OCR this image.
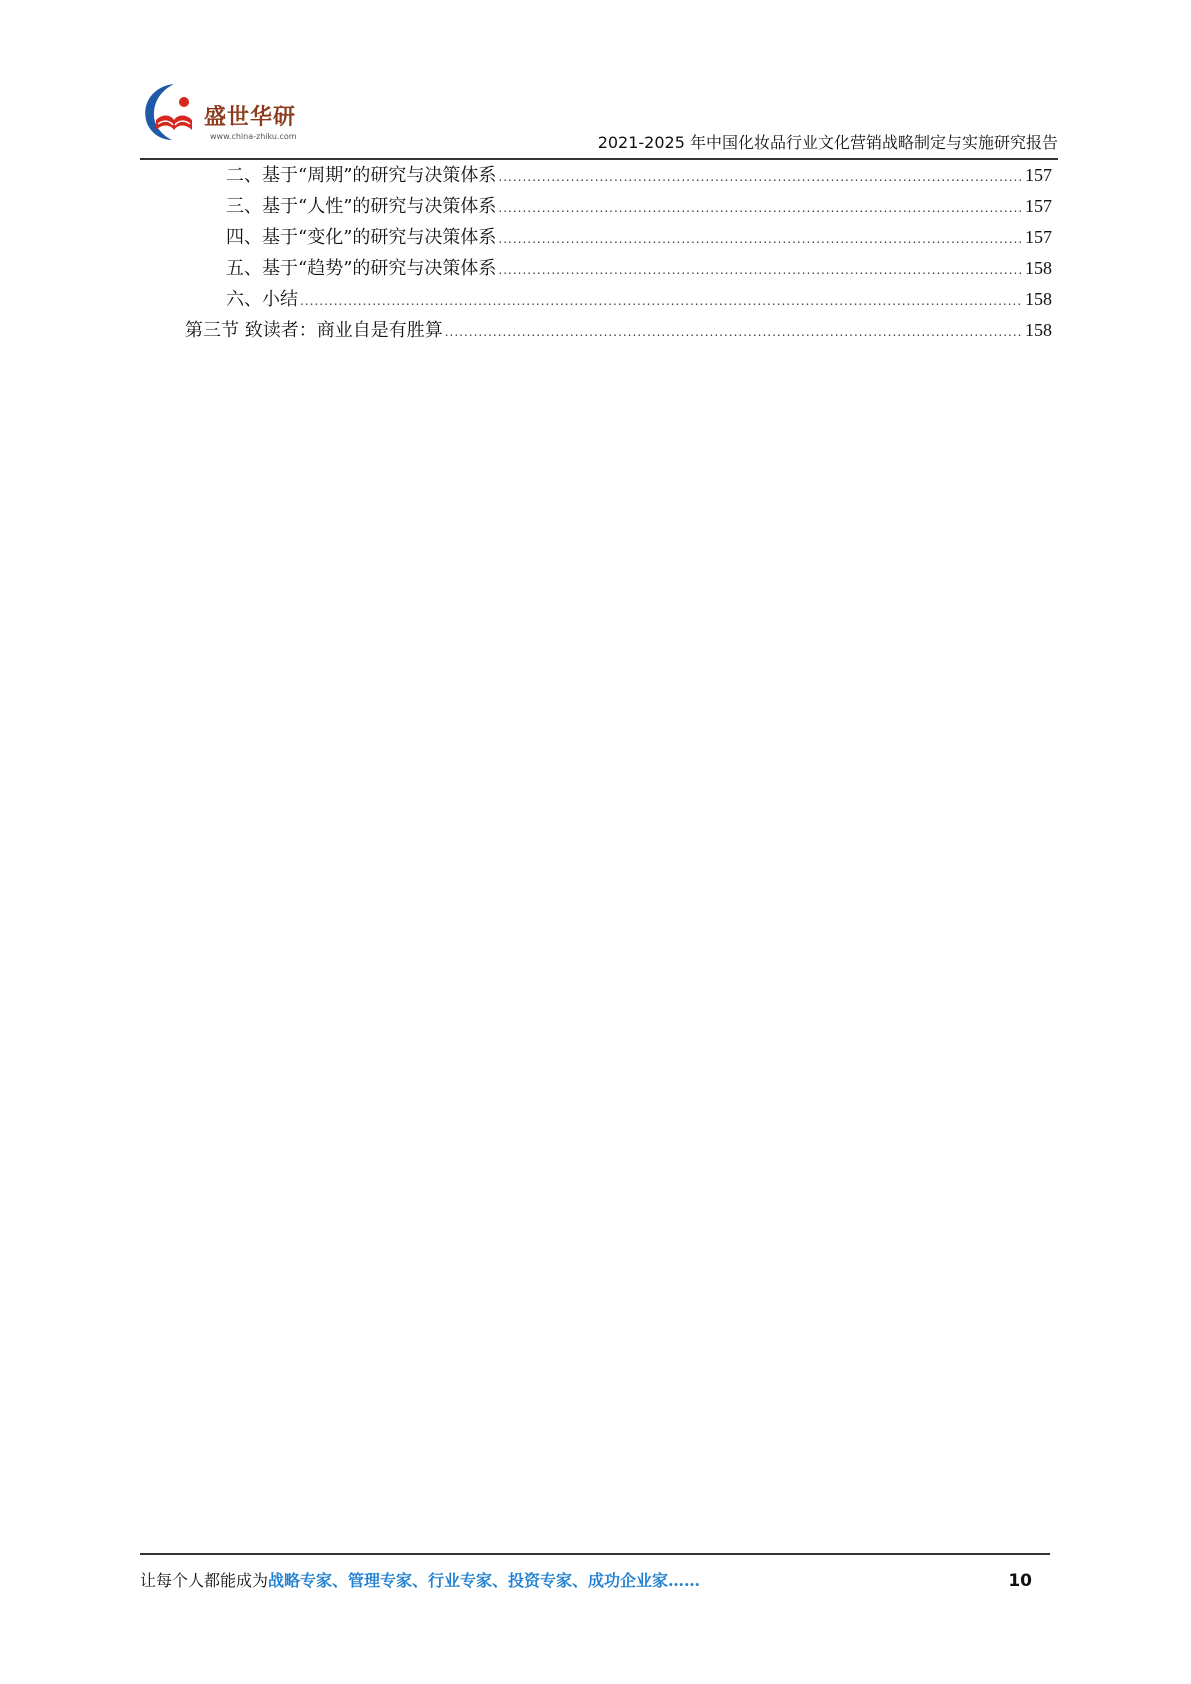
盛世华研
www.china-zhiku.com	2021-2025 年中国化妆品行业文化营销战略制定与实施研究报告
二、基于“周期”的研究与决策体系 .....	157
三、基于“人性”的研究与决策体系 .....	157
四、基于“变化”的研究与决策体系 .....	157
五、基于“趋势”的研究与决策体系 .....	158
六、小结 .....	158
第三节 致读者：商业自是有胜算 .....	158
让每个人都能成为战略专家、管理专家、行业专家、投资专家、成功企业家……	10
